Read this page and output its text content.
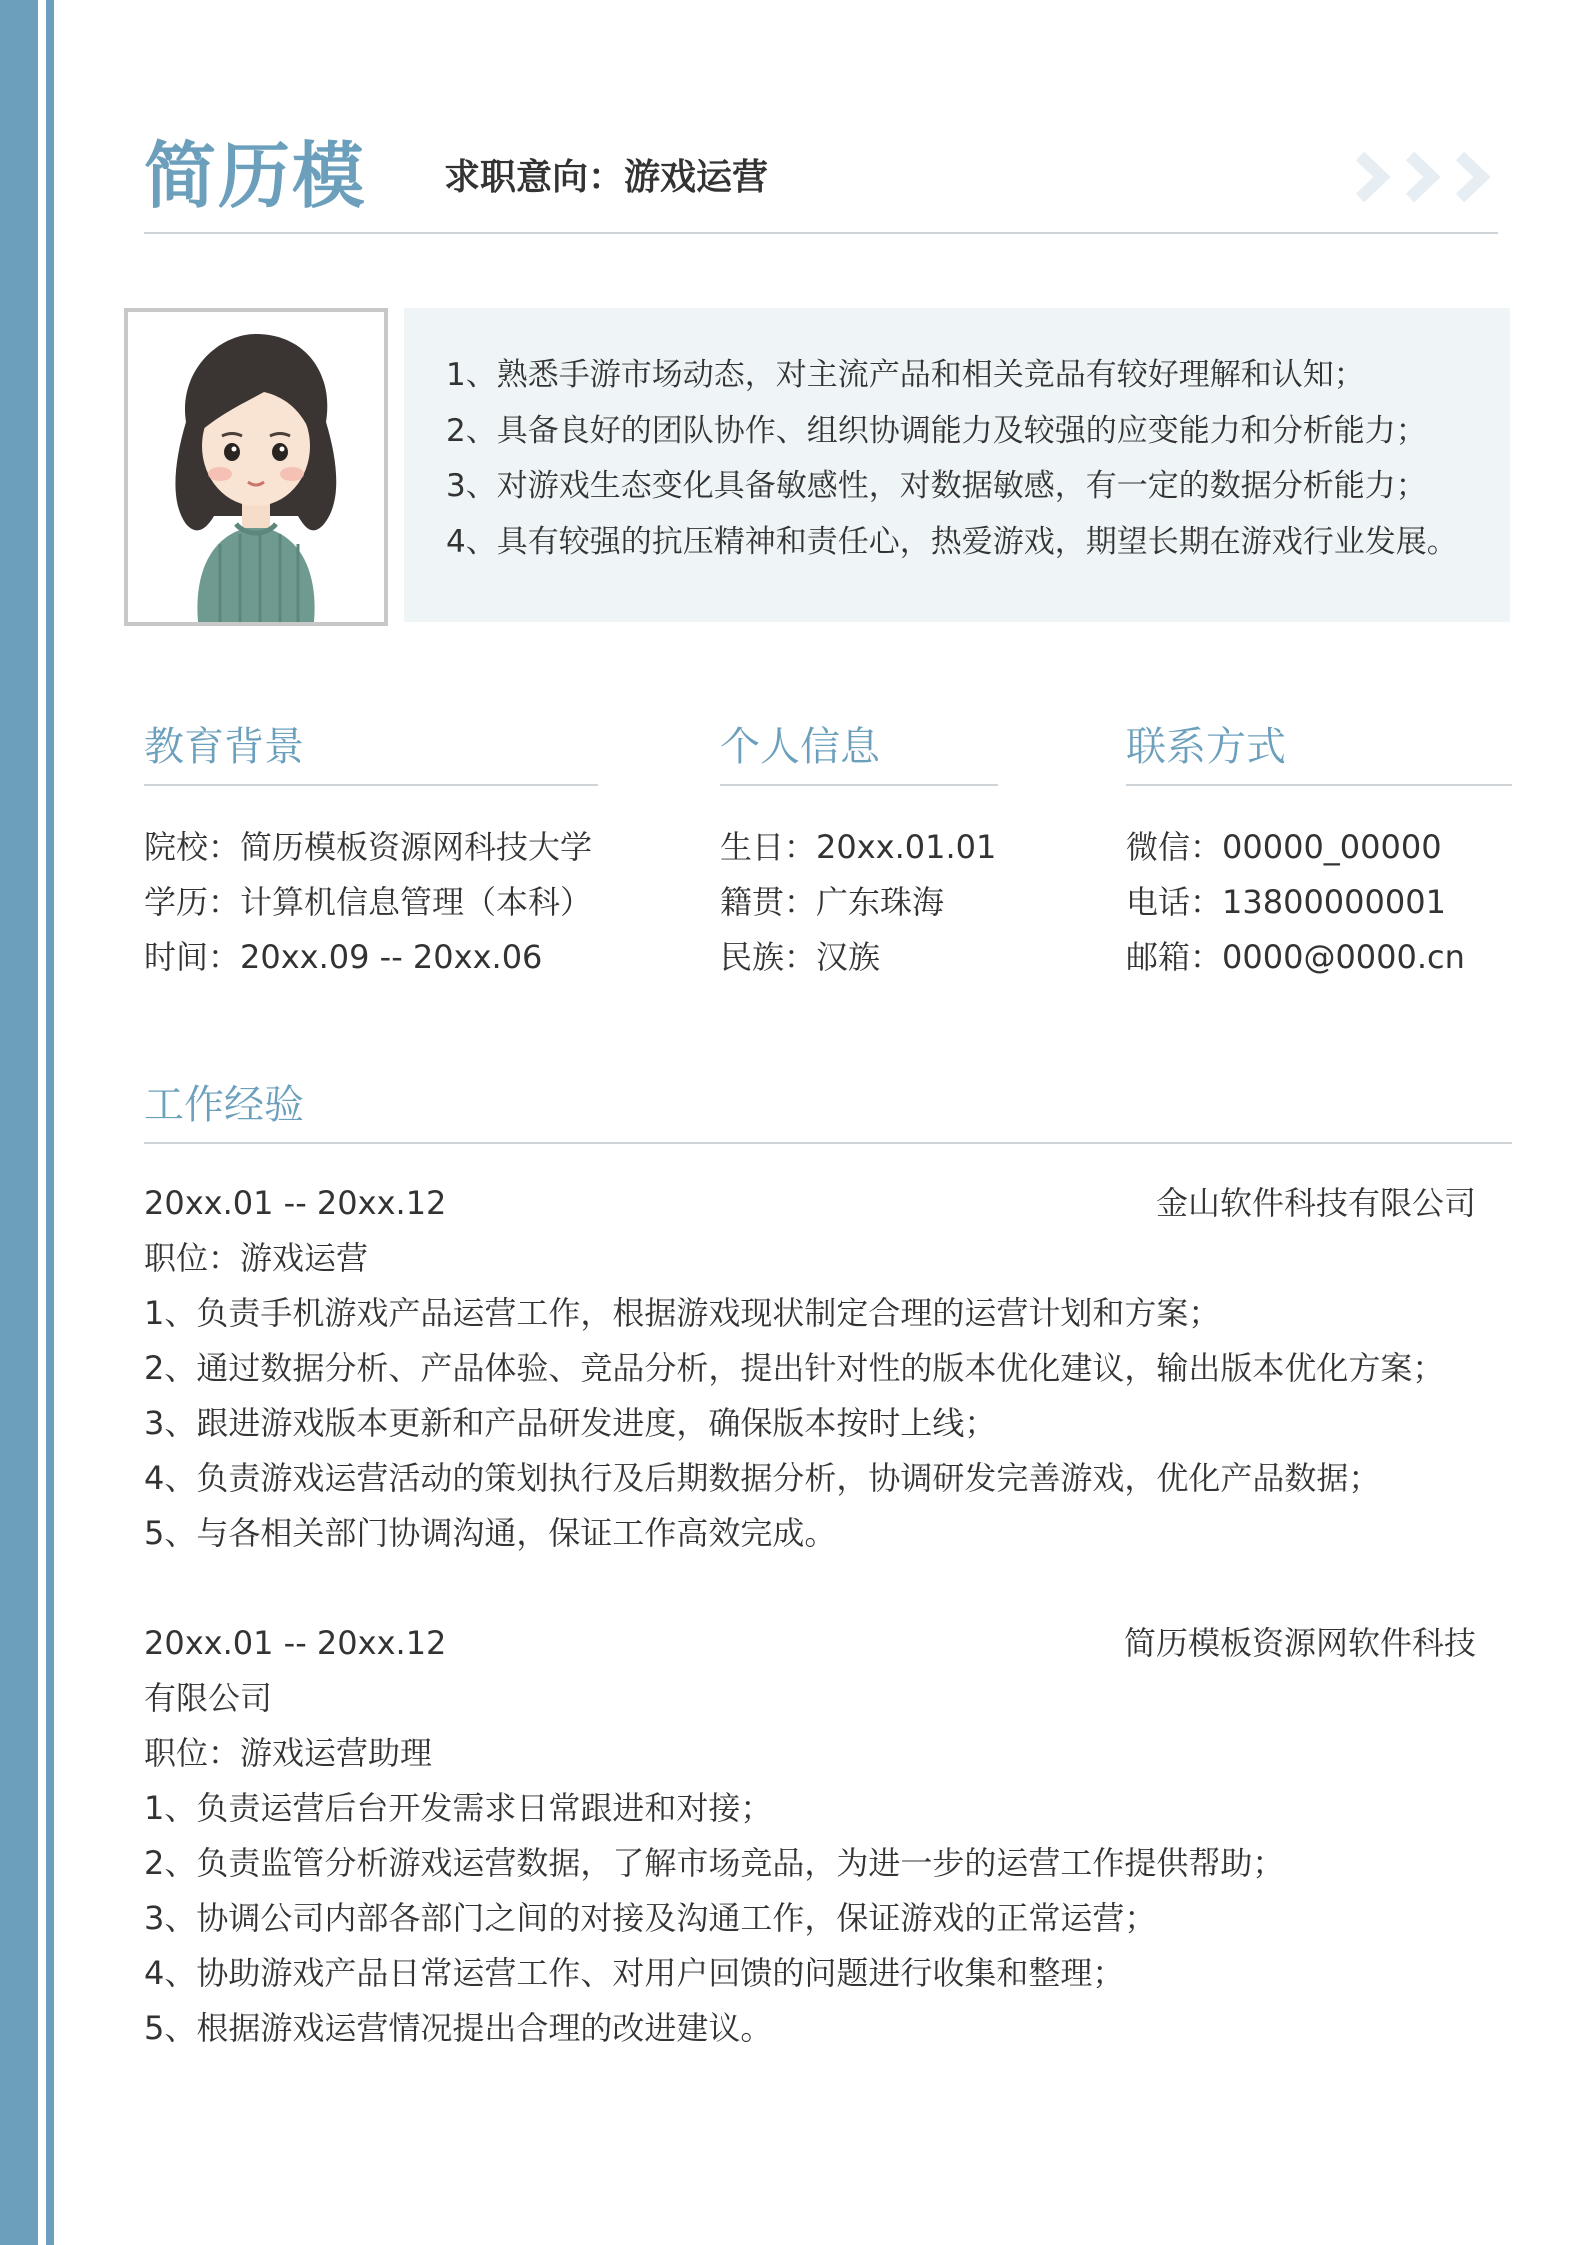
简历模 求职意向：游戏运营
1、熟悉手游市场动态，对主流产品和相关竞品有较好理解和认知；
2、具备良好的团队协作、组织协调能力及较强的应变能力和分析能力；
3、对游戏生态变化具备敏感性，对数据敏感，有一定的数据分析能力；
4、具有较强的抗压精神和责任心，热爱游戏，期望长期在游戏行业发展。
教育背景
院校：简历模板资源网科技大学
学历：计算机信息管理（本科）
时间：20xx.09 -- 20xx.06
个人信息
生日：20xx.01.01
籍贯：广东珠海
民族：汉族
联系方式
微信：00000_00000
电话：13800000001
邮箱：0000@0000.cn
工作经验
20xx.01 -- 20xx.12	金山软件科技有限公司
职位：游戏运营
1、负责手机游戏产品运营工作，根据游戏现状制定合理的运营计划和方案；
2、通过数据分析、产品体验、竞品分析，提出针对性的版本优化建议，输出版本优化方案；
3、跟进游戏版本更新和产品研发进度，确保版本按时上线；
4、负责游戏运营活动的策划执行及后期数据分析，协调研发完善游戏，优化产品数据；
5、与各相关部门协调沟通，保证工作高效完成。
20xx.01 -- 20xx.12	简历模板资源网软件科技
有限公司
职位：游戏运营助理
1、负责运营后台开发需求日常跟进和对接；
2、负责监管分析游戏运营数据，了解市场竞品，为进一步的运营工作提供帮助；
3、协调公司内部各部门之间的对接及沟通工作，保证游戏的正常运营；
4、协助游戏产品日常运营工作、对用户回馈的问题进行收集和整理；
5、根据游戏运营情况提出合理的改进建议。
